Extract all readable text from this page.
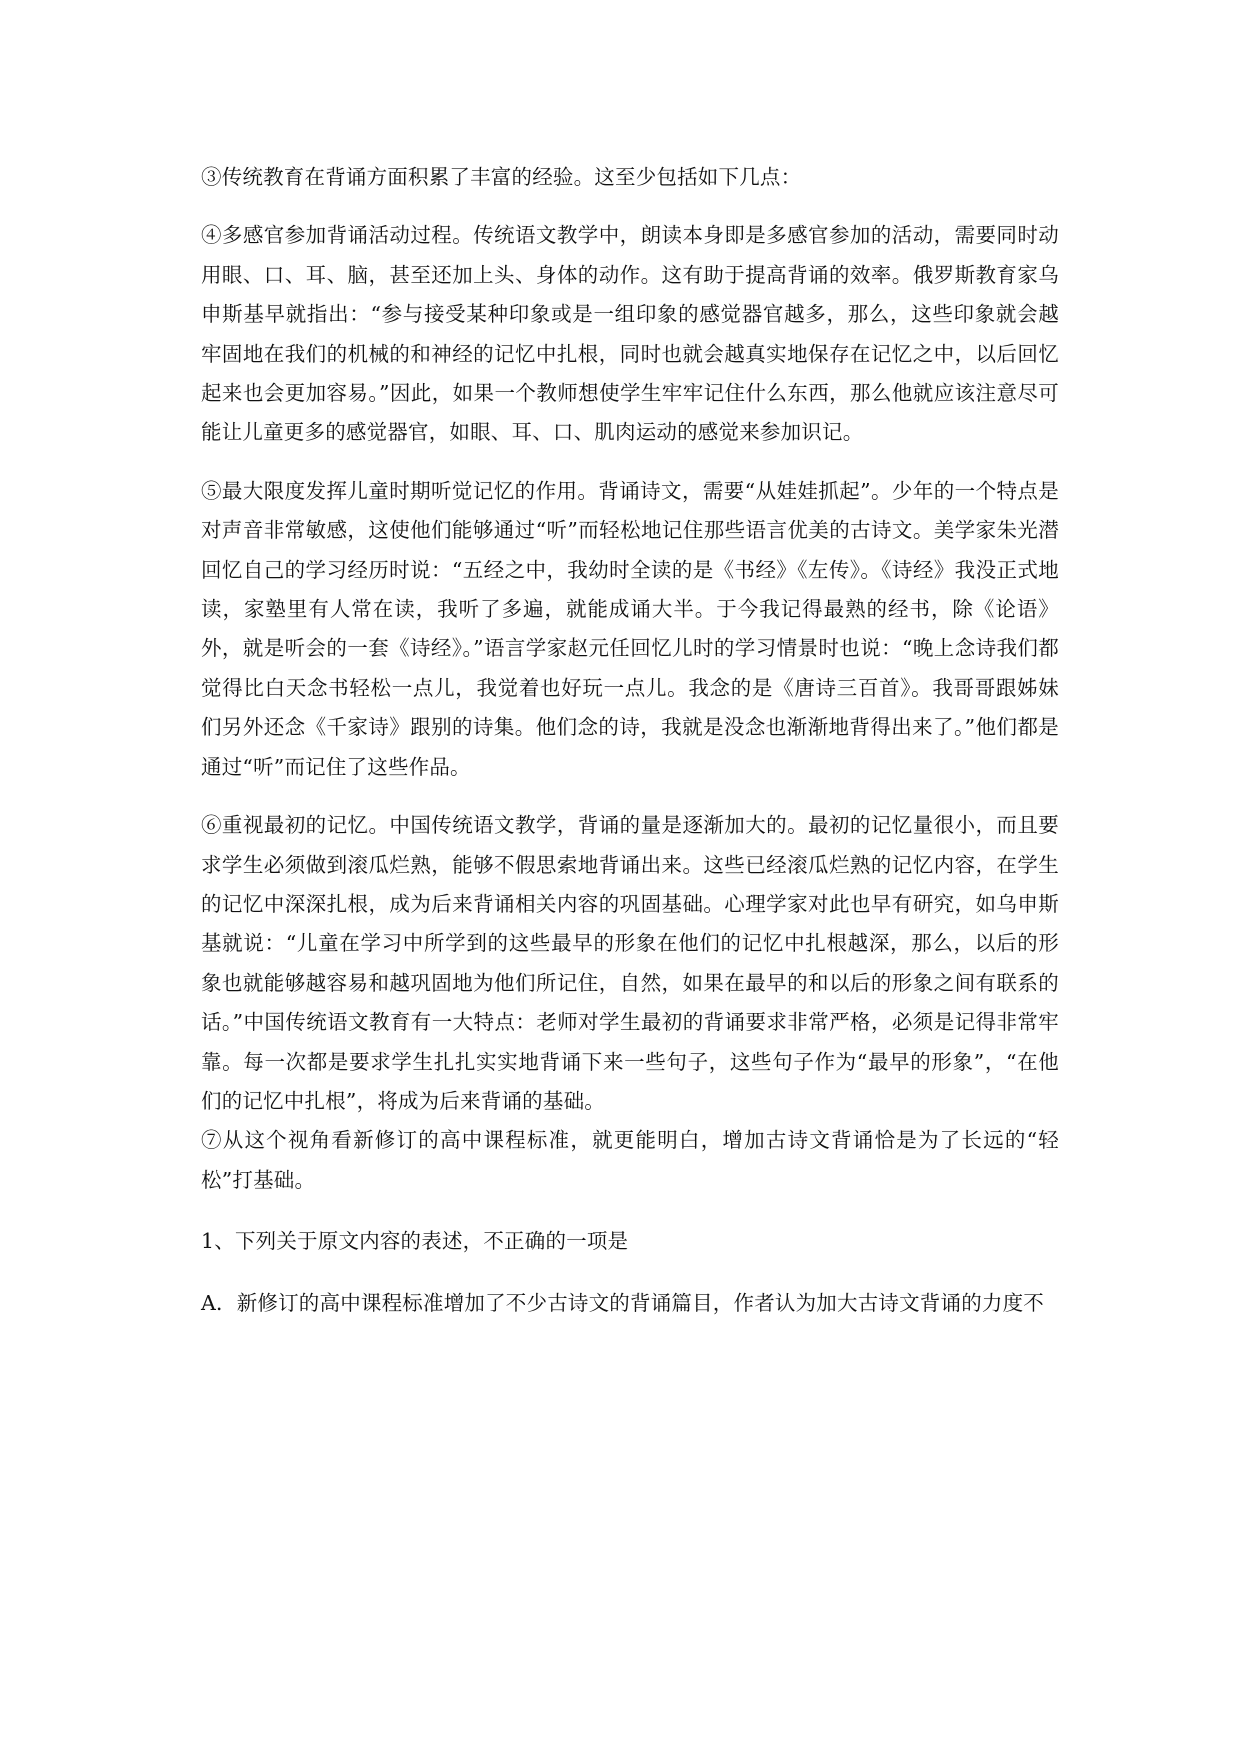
③传统教育在背诵方面积累了丰富的经验。这至少包括如下几点：

④多感官参加背诵活动过程。传统语文教学中，朗读本身即是多感官参加的活动，需要同时动用眼、口、耳、脑，甚至还加上头、身体的动作。这有助于提高背诵的效率。俄罗斯教育家乌申斯基早就指出：“参与接受某种印象或是一组印象的感觉器官越多，那么，这些印象就会越牢固地在我们的机械的和神经的记忆中扎根，同时也就会越真实地保存在记忆之中，以后回忆起来也会更加容易。”因此，如果一个教师想使学生牢牢记住什么东西，那么他就应该注意尽可能让儿童更多的感觉器官，如眼、耳、口、肌肉运动的感觉来参加识记。

⑤最大限度发挥儿童时期听觉记忆的作用。背诵诗文，需要“从娃娃抓起”。少年的一个特点是对声音非常敏感，这使他们能够通过“听”而轻松地记住那些语言优美的古诗文。美学家朱光潜回忆自己的学习经历时说：“五经之中，我幼时全读的是《书经》《左传》。《诗经》我没正式地读，家塾里有人常在读，我听了多遍，就能成诵大半。于今我记得最熟的经书，除《论语》外，就是听会的一套《诗经》。”语言学家赵元任回忆儿时的学习情景时也说：“晚上念诗我们都觉得比白天念书轻松一点儿，我觉着也好玩一点儿。我念的是《唐诗三百首》。我哥哥跟姊妹们另外还念《千家诗》跟别的诗集。他们念的诗，我就是没念也渐渐地背得出来了。”他们都是通过“听”而记住了这些作品。

⑥重视最初的记忆。中国传统语文教学，背诵的量是逐渐加大的。最初的记忆量很小，而且要求学生必须做到滚瓜烂熟，能够不假思索地背诵出来。这些已经滚瓜烂熟的记忆内容，在学生的记忆中深深扎根，成为后来背诵相关内容的巩固基础。心理学家对此也早有研究，如乌申斯基就说：“儿童在学习中所学到的这些最早的形象在他们的记忆中扎根越深，那么，以后的形象也就能够越容易和越巩固地为他们所记住，自然，如果在最早的和以后的形象之间有联系的话。”中国传统语文教育有一大特点：老师对学生最初的背诵要求非常严格，必须是记得非常牢靠。每一次都是要求学生扎扎实实地背诵下来一些句子，这些句子作为“最早的形象”，“在他们的记忆中扎根”，将成为后来背诵的基础。

⑦从这个视角看新修订的高中课程标准，就更能明白，增加古诗文背诵恰是为了长远的“轻松”打基础。

1、下列关于原文内容的表述，不正确的一项是

A．新修订的高中课程标准增加了不少古诗文的背诵篇目，作者认为加大古诗文背诵的力度不
